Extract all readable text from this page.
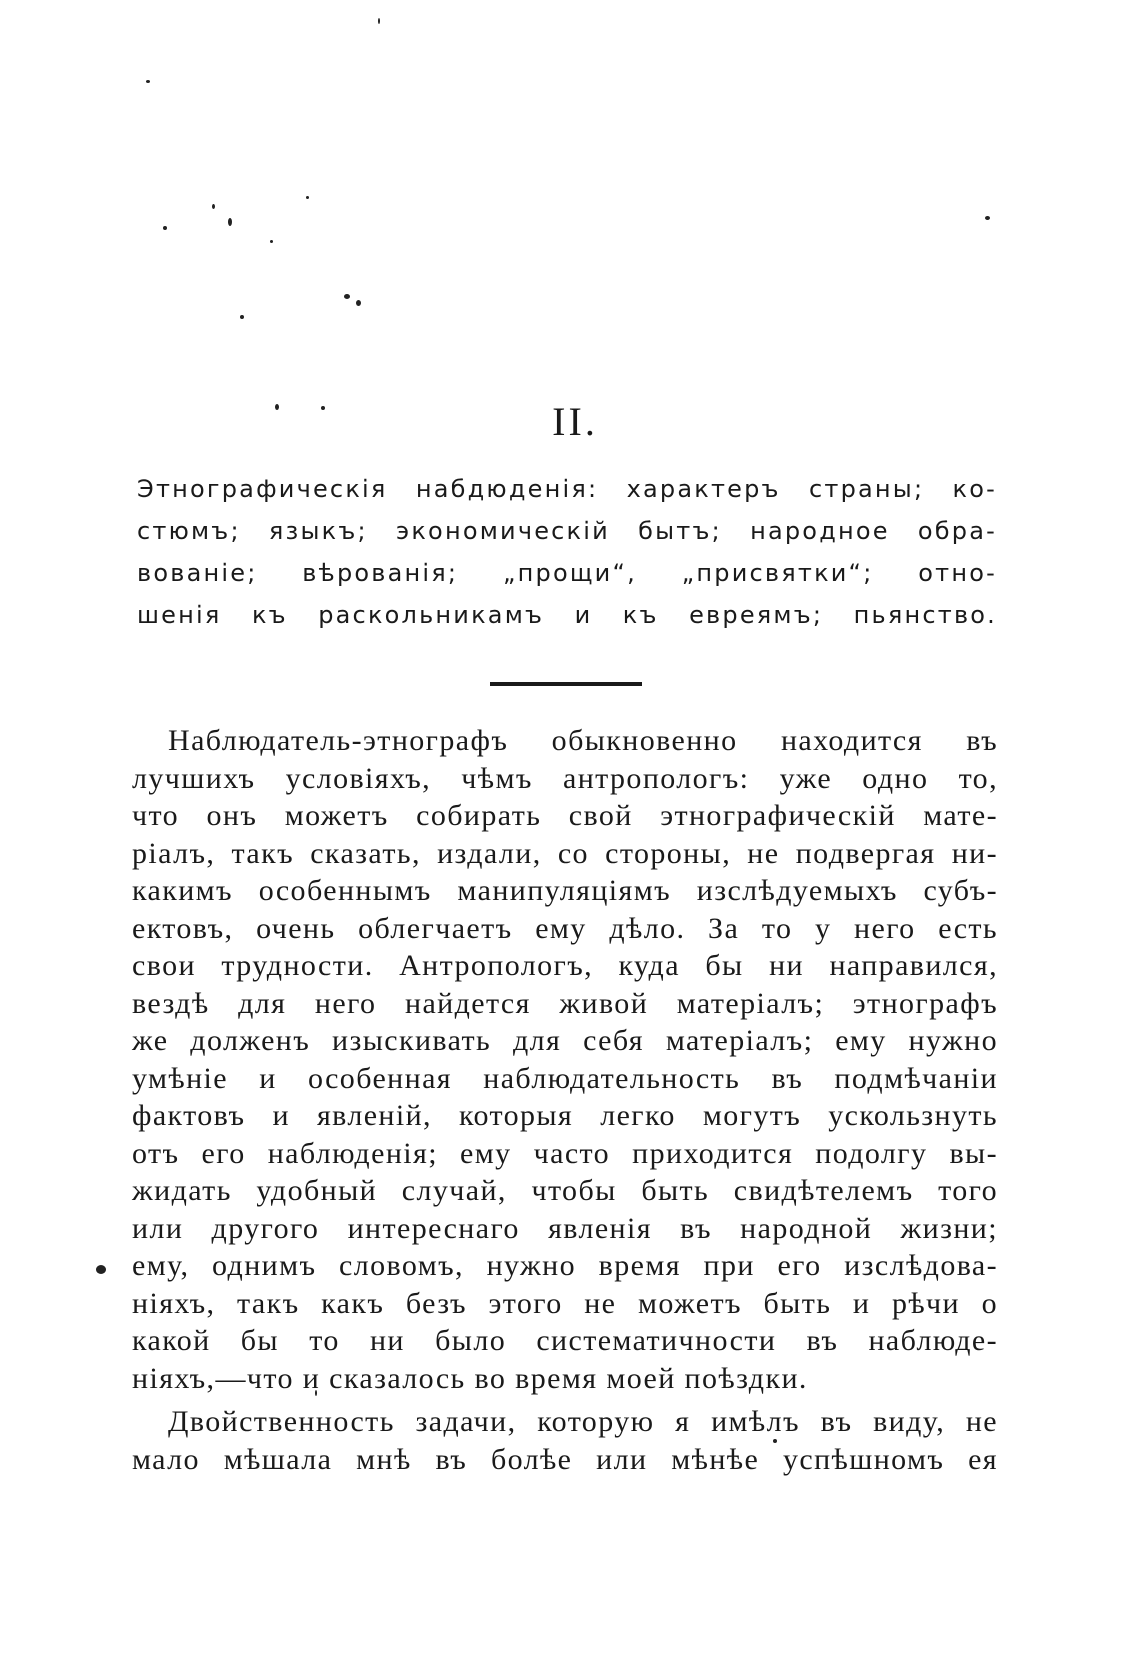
II.
Этнографическія набдюденія: характеръ страны; ко-
стюмъ; языкъ; экономическій бытъ; народное обра-
вованіе; вѣрованія; „прощи“, „присвятки“; отно-
шенія къ раскольникамъ и къ евреямъ; пьянство.
Наблюдатель-этнографъ обыкновенно находится въ
лучшихъ условіяхъ, чѣмъ антропологъ: уже одно то,
что онъ можетъ собирать свой этнографическій мате-
ріалъ, такъ сказать, издали, со стороны, не подвергая ни-
какимъ особеннымъ манипуляціямъ изслѣдуемыхъ субъ-
ектовъ, очень облегчаетъ ему дѣло. За то у него есть
свои трудности. Антропологъ, куда бы ни направился,
вездѣ для него найдется живой матеріалъ; этнографъ
же долженъ изыскивать для себя матеріалъ; ему нужно
умѣніе и особенная наблюдательность въ подмѣчаніи
фактовъ и явленій, которыя легко могутъ ускользнуть
отъ его наблюденія; ему часто приходится подолгу вы-
жидать удобный случай, чтобы быть свидѣтелемъ того
или другого интереснаго явленія въ народной жизни;
ему, однимъ словомъ, нужно время при его изслѣдова-
ніяхъ, такъ какъ безъ этого не можетъ быть и рѣчи о
какой бы то ни было систематичности въ наблюде-
ніяхъ,—что и сказалось во время моей поѣздки.
Двойственность задачи, которую я имѣлъ въ виду, не
мало мѣшала мнѣ въ болѣе или мѣнѣе успѣшномъ ея
